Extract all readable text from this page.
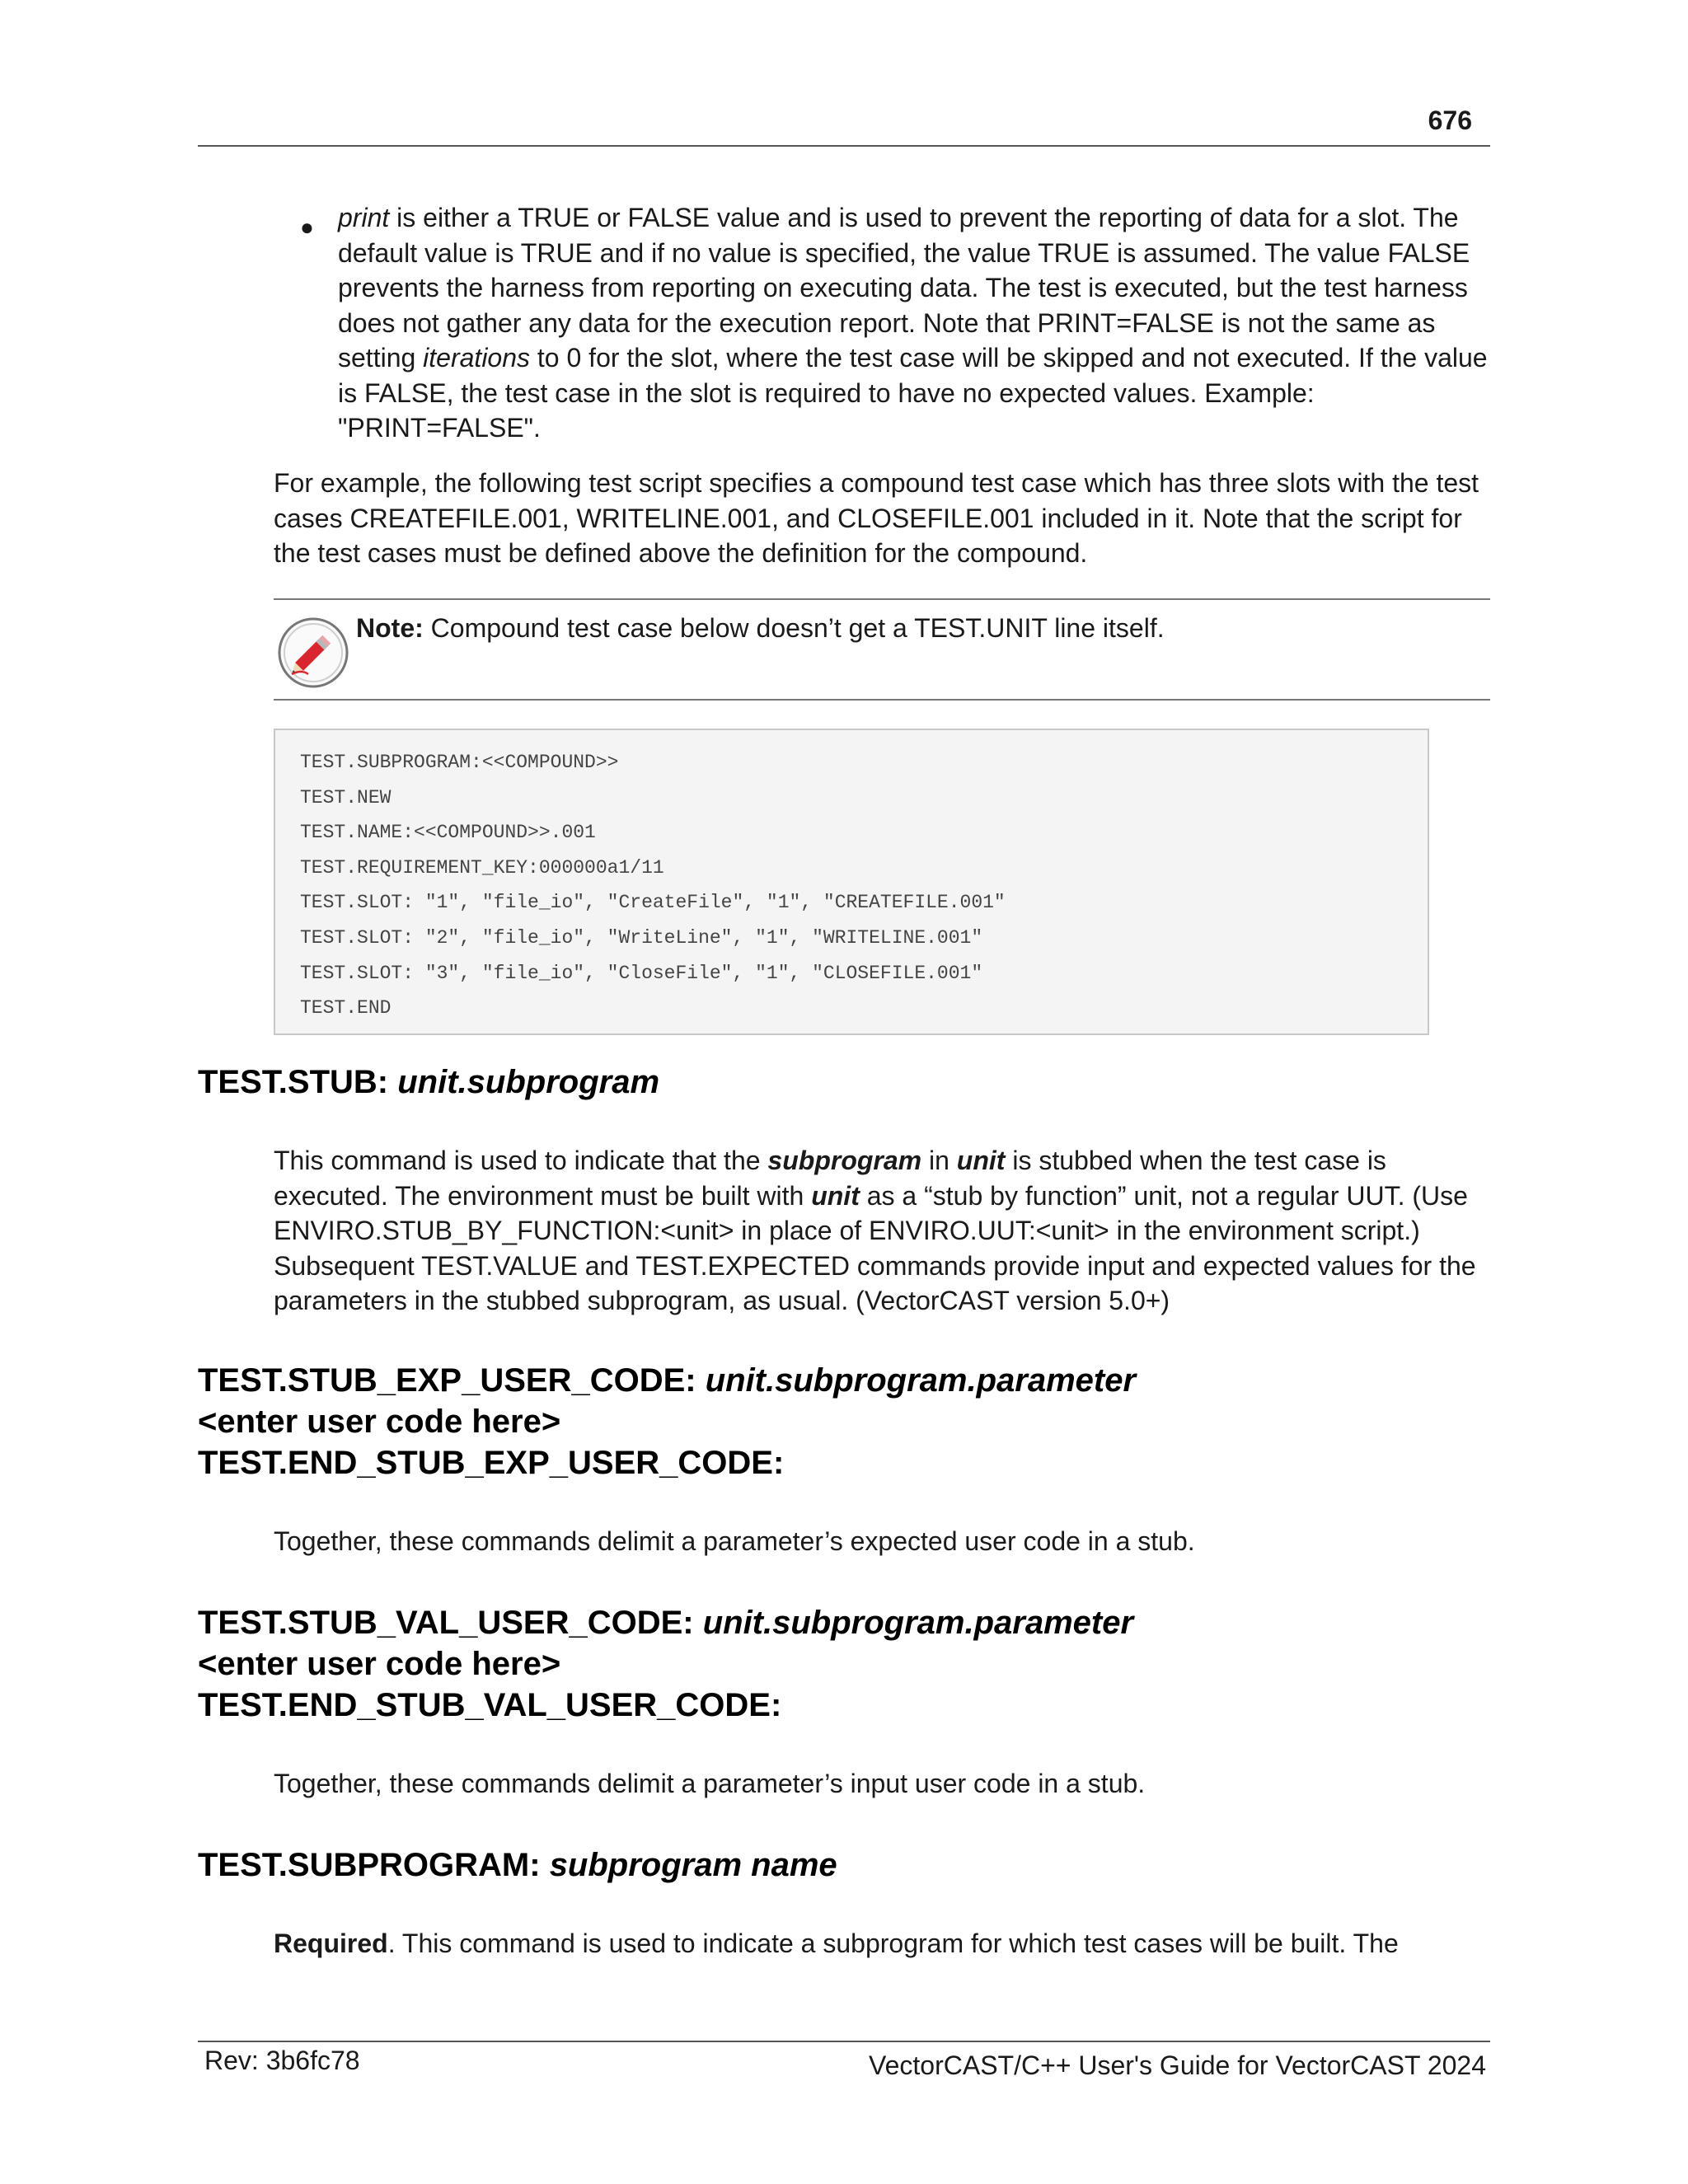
676
● print is either a TRUE or FALSE value and is used to prevent the reporting of data for a slot. The default value is TRUE and if no value is specified, the value TRUE is assumed. The value FALSE prevents the harness from reporting on executing data. The test is executed, but the test harness does not gather any data for the execution report. Note that PRINT=FALSE is not the same as setting iterations to 0 for the slot, where the test case will be skipped and not executed. If the value is FALSE, the test case in the slot is required to have no expected values. Example: "PRINT=FALSE".
For example, the following test script specifies a compound test case which has three slots with the test cases CREATEFILE.001, WRITELINE.001, and CLOSEFILE.001 included in it. Note that the script for the test cases must be defined above the definition for the compound.
Note: Compound test case below doesn’t get a TEST.UNIT line itself.
TEST.SUBPROGRAM:<<COMPOUND>>
TEST.NEW
TEST.NAME:<<COMPOUND>>.001
TEST.REQUIREMENT_KEY:000000a1/11
TEST.SLOT: "1", "file_io", "CreateFile", "1", "CREATEFILE.001"
TEST.SLOT: "2", "file_io", "WriteLine", "1", "WRITELINE.001"
TEST.SLOT: "3", "file_io", "CloseFile", "1", "CLOSEFILE.001"
TEST.END
TEST.STUB: unit.subprogram
This command is used to indicate that the subprogram in unit is stubbed when the test case is executed. The environment must be built with unit as a “stub by function” unit, not a regular UUT. (Use ENVIRO.STUB_BY_FUNCTION:<unit> in place of ENVIRO.UUT:<unit> in the environment script.) Subsequent TEST.VALUE and TEST.EXPECTED commands provide input and expected values for the parameters in the stubbed subprogram, as usual. (VectorCAST version 5.0+)
TEST.STUB_EXP_USER_CODE: unit.subprogram.parameter
<enter user code here>
TEST.END_STUB_EXP_USER_CODE:
Together, these commands delimit a parameter’s expected user code in a stub.
TEST.STUB_VAL_USER_CODE: unit.subprogram.parameter
<enter user code here>
TEST.END_STUB_VAL_USER_CODE:
Together, these commands delimit a parameter’s input user code in a stub.
TEST.SUBPROGRAM: subprogram name
Required. This command is used to indicate a subprogram for which test cases will be built. The
Rev: 3b6fc78	VectorCAST/C++ User's Guide for VectorCAST 2024
